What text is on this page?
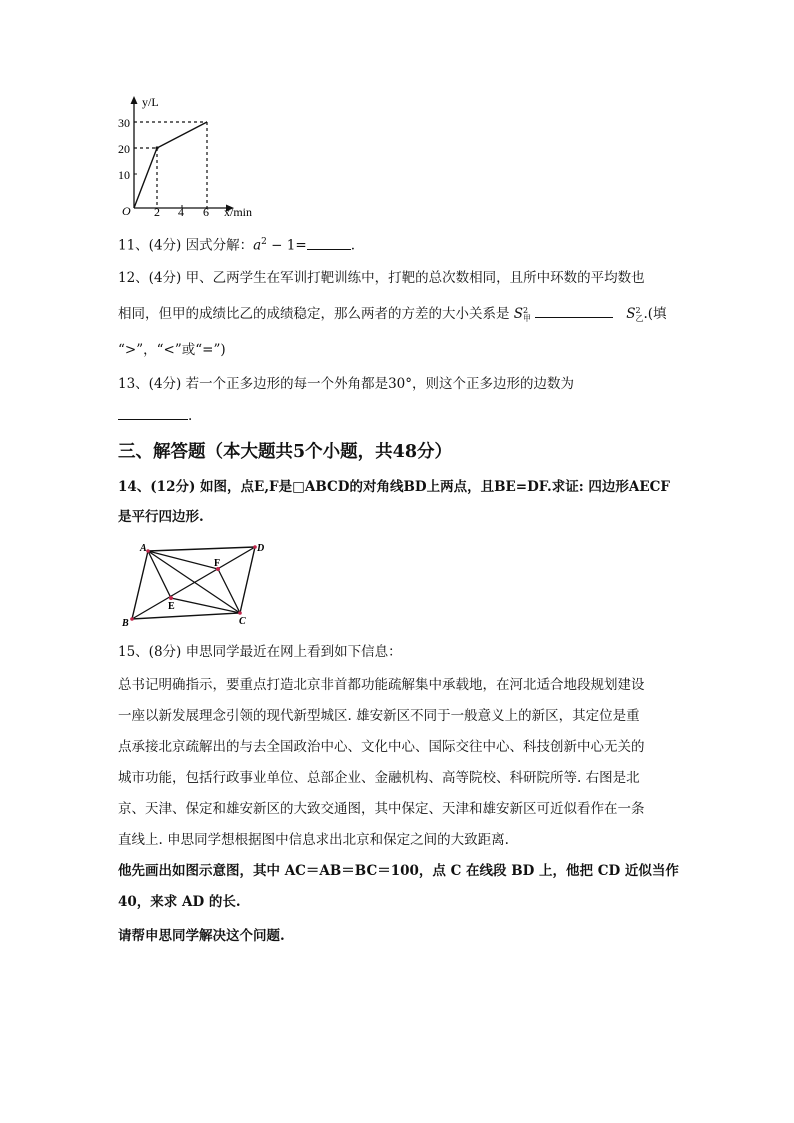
y/L
x/min
O
30
20
10
2 4 6
11、(4分) 因式分解：$a^2 - 1=$	.
12、(4分) 甲、乙两学生在军训打靶训练中，打靶的总次数相同，且所中环数的平均数也
相同，但甲的成绩比乙的成绩稳定，那么两者的方差的大小关系是 S 2
甲	S 2
乙 .(填
“>”，“<”或“=”)
13、(4分) 若一个正多边形的每一个外角都是30°，则这个正多边形的边数为
.
三、解答题（本大题共5个小题，共48分）
14、(12分) 如图，点E,F是□ABCD的对角线BD上两点，且BE=DF.求证: 四边形AECF
是平行四边形.
A	D
C
B
E
F
15、(8分) 申思同学最近在网上看到如下信息：
总书记明确指示，要重点打造北京非首都功能疏解集中承载地，在河北适合地段规划建设
一座以新发展理念引领的现代新型城区. 雄安新区不同于一般意义上的新区，其定位是重
点承接北京疏解出的与去全国政治中心、文化中心、国际交往中心、科技创新中心无关的
城市功能，包括行政事业单位、总部企业、金融机构、高等院校、科研院所等. 右图是北
京、天津、保定和雄安新区的大致交通图，其中保定、天津和雄安新区可近似看作在一条
直线上. 申思同学想根据图中信息求出北京和保定之间的大致距离.
他先画出如图示意图，其中 AC＝AB＝BC＝100，点 C 在线段 BD 上，他把 CD 近似当作
40，来求 AD 的长.
请帮申思同学解决这个问题.
